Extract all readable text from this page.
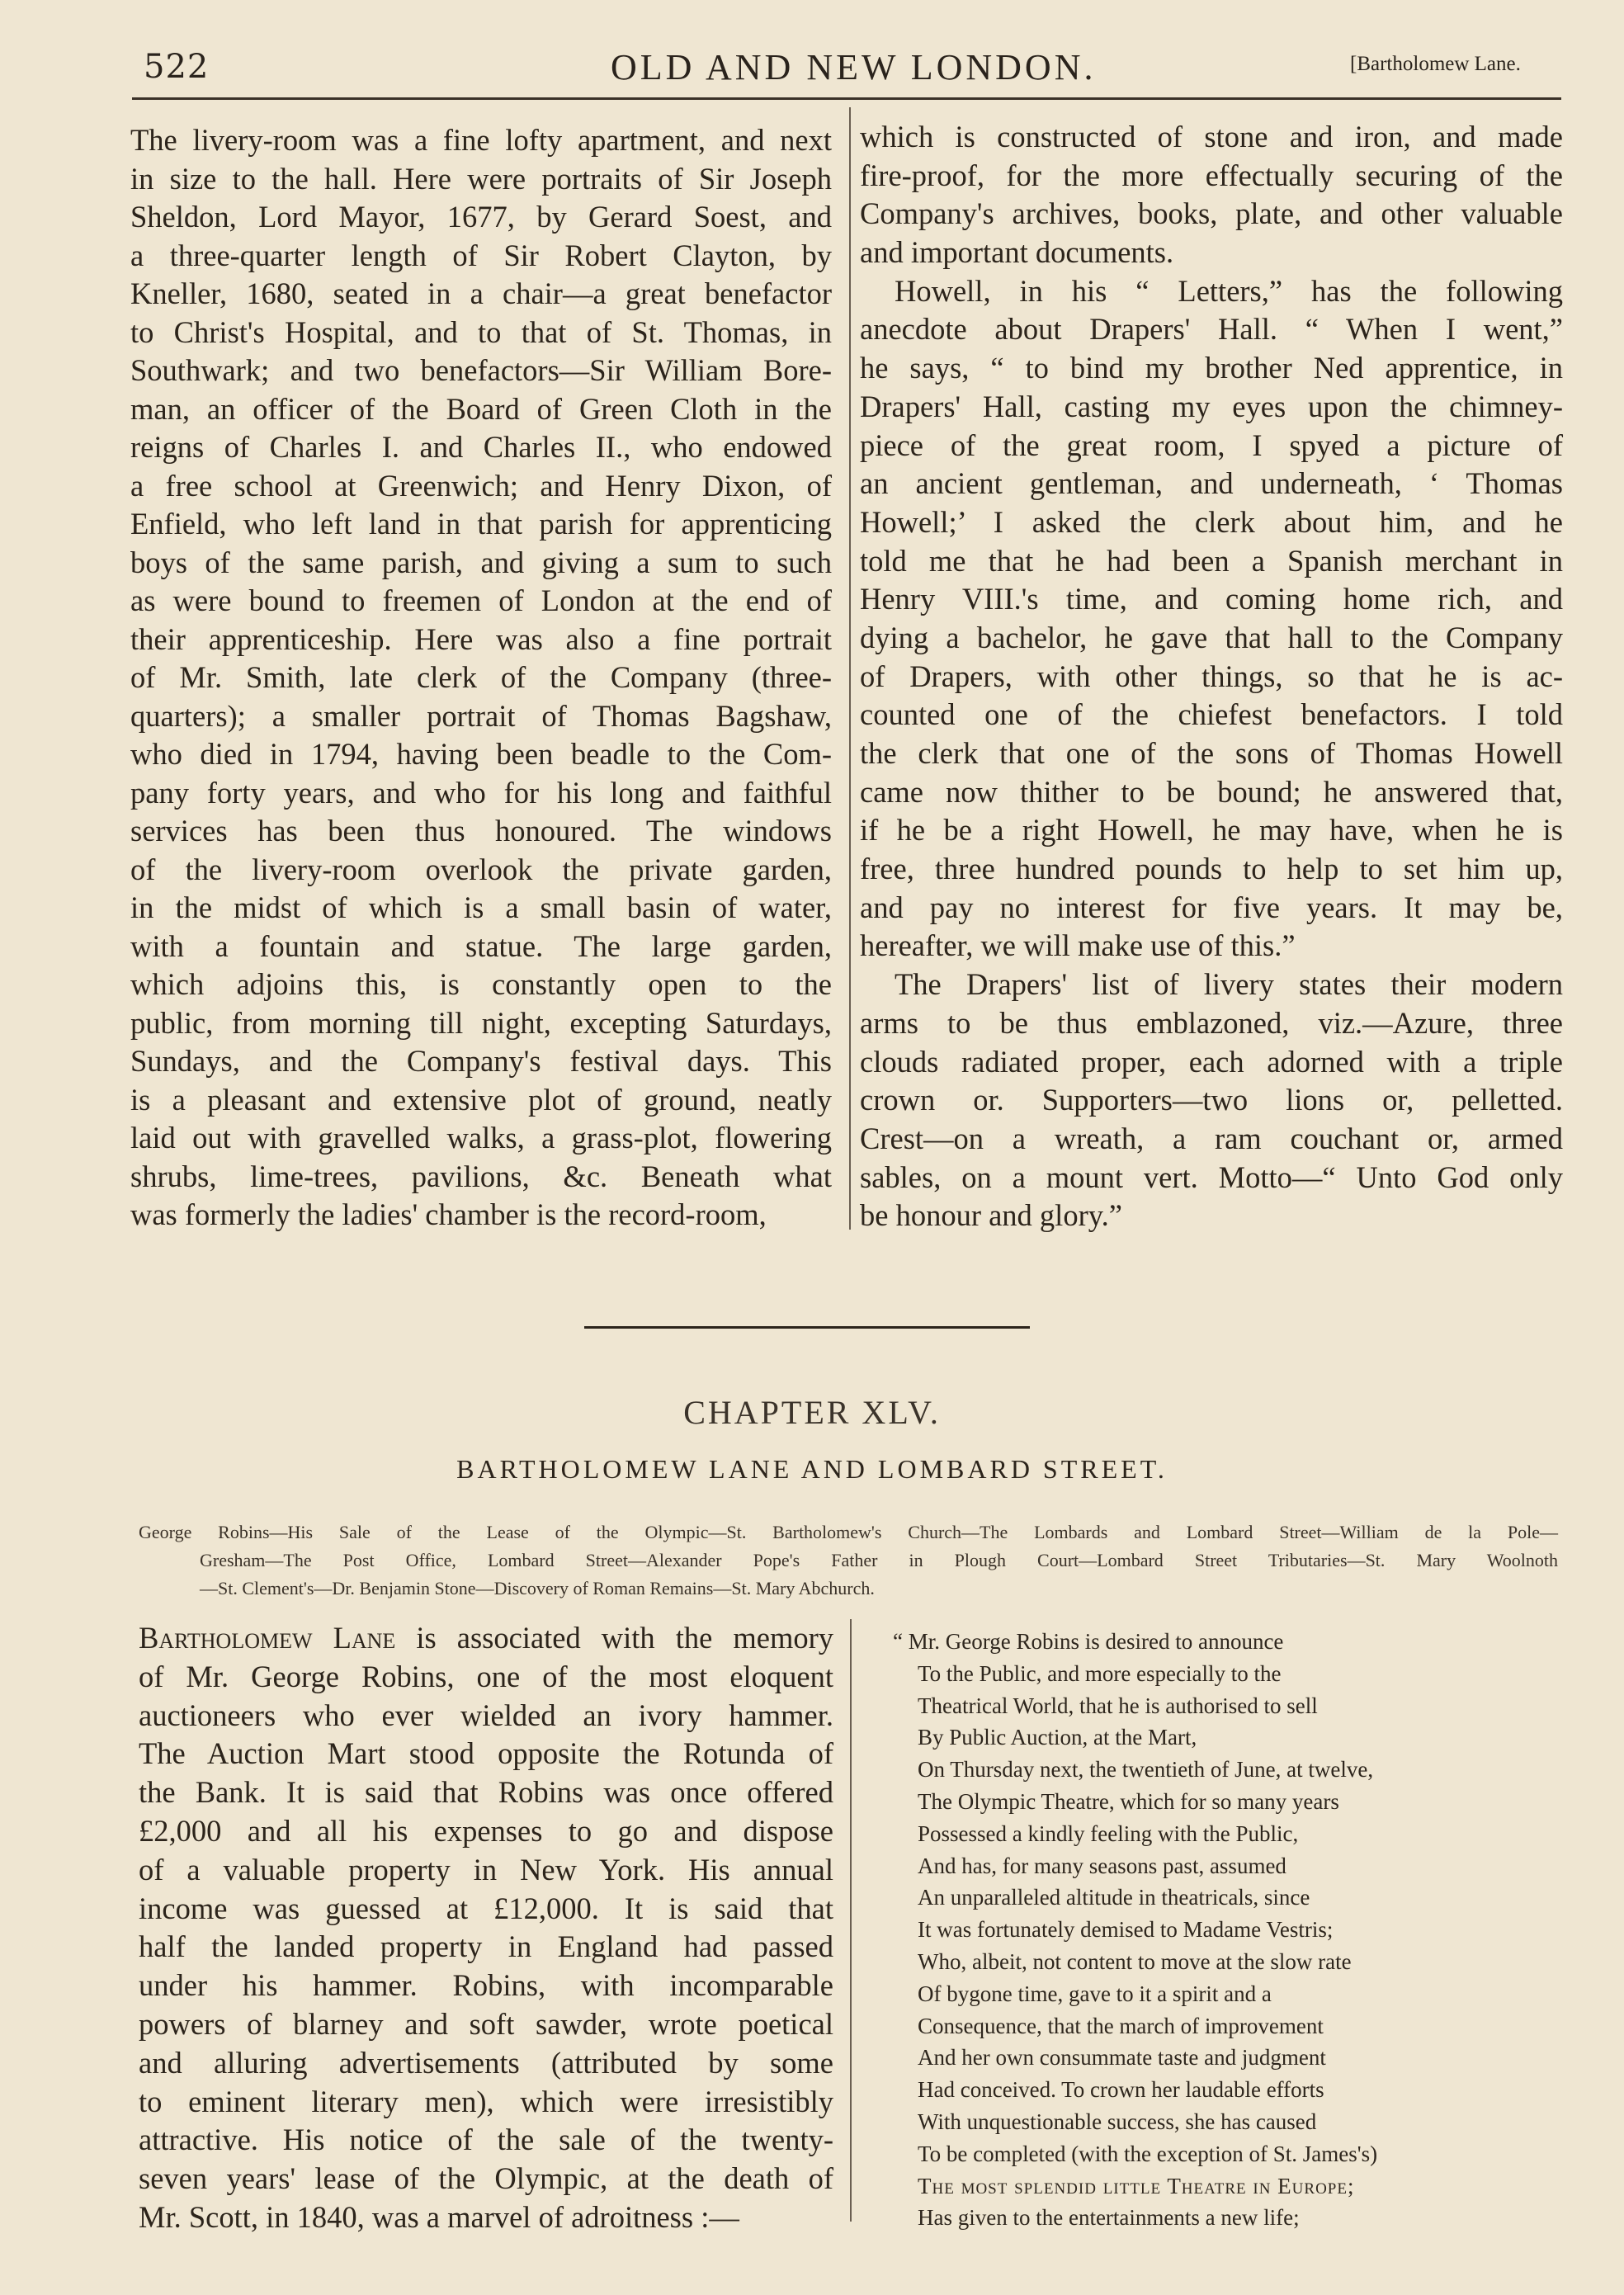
522	OLD AND NEW LONDON.	[Bartholomew Lane.
The livery-room was a fine lofty apartment, and next
in size to the hall. Here were portraits of Sir Joseph
Sheldon, Lord Mayor, 1677, by Gerard Soest, and
a three-quarter length of Sir Robert Clayton, by
Kneller, 1680, seated in a chair—a great benefactor
to Christ's Hospital, and to that of St. Thomas, in
Southwark; and two benefactors—Sir William Bore-
man, an officer of the Board of Green Cloth in the
reigns of Charles I. and Charles II., who endowed
a free school at Greenwich; and Henry Dixon, of
Enfield, who left land in that parish for apprenticing
boys of the same parish, and giving a sum to such
as were bound to freemen of London at the end of
their apprenticeship. Here was also a fine portrait
of Mr. Smith, late clerk of the Company (three-
quarters); a smaller portrait of Thomas Bagshaw,
who died in 1794, having been beadle to the Com-
pany forty years, and who for his long and faithful
services has been thus honoured. The windows
of the livery-room overlook the private garden,
in the midst of which is a small basin of water,
with a fountain and statue. The large garden,
which adjoins this, is constantly open to the
public, from morning till night, excepting Saturdays,
Sundays, and the Company's festival days. This
is a pleasant and extensive plot of ground, neatly
laid out with gravelled walks, a grass-plot, flowering
shrubs, lime-trees, pavilions, &c. Beneath what
was formerly the ladies' chamber is the record-room,
which is constructed of stone and iron, and made
fire-proof, for the more effectually securing of the
Company's archives, books, plate, and other valuable
and important documents.
Howell, in his “ Letters,” has the following
anecdote about Drapers' Hall. “ When I went,”
he says, “ to bind my brother Ned apprentice, in
Drapers' Hall, casting my eyes upon the chimney-
piece of the great room, I spyed a picture of
an ancient gentleman, and underneath, ‘ Thomas
Howell;’ I asked the clerk about him, and he
told me that he had been a Spanish merchant in
Henry VIII.'s time, and coming home rich, and
dying a bachelor, he gave that hall to the Company
of Drapers, with other things, so that he is ac-
counted one of the chiefest benefactors. I told
the clerk that one of the sons of Thomas Howell
came now thither to be bound; he answered that,
if he be a right Howell, he may have, when he is
free, three hundred pounds to help to set him up,
and pay no interest for five years. It may be,
hereafter, we will make use of this.”
The Drapers' list of livery states their modern
arms to be thus emblazoned, viz.—Azure, three
clouds radiated proper, each adorned with a triple
crown or. Supporters—two lions or, pelletted.
Crest—on a wreath, a ram couchant or, armed
sables, on a mount vert. Motto—“ Unto God only
be honour and glory.”
CHAPTER XLV.
BARTHOLOMEW LANE AND LOMBARD STREET.
George Robins—His Sale of the Lease of the Olympic—St. Bartholomew's Church—The Lombards and Lombard Street—William de la Pole—
Gresham—The Post Office, Lombard Street—Alexander Pope's Father in Plough Court—Lombard Street Tributaries—St. Mary Woolnoth
—St. Clement's—Dr. Benjamin Stone—Discovery of Roman Remains—St. Mary Abchurch.
Bartholomew Lane is associated with the memory
of Mr. George Robins, one of the most eloquent
auctioneers who ever wielded an ivory hammer.
The Auction Mart stood opposite the Rotunda of
the Bank. It is said that Robins was once offered
£2,000 and all his expenses to go and dispose
of a valuable property in New York. His annual
income was guessed at £12,000. It is said that
half the landed property in England had passed
under his hammer. Robins, with incomparable
powers of blarney and soft sawder, wrote poetical
and alluring advertisements (attributed by some
to eminent literary men), which were irresistibly
attractive. His notice of the sale of the twenty-
seven years' lease of the Olympic, at the death of
Mr. Scott, in 1840, was a marvel of adroitness :—
“ Mr. George Robins is desired to announce
To the Public, and more especially to the
Theatrical World, that he is authorised to sell
By Public Auction, at the Mart,
On Thursday next, the twentieth of June, at twelve,
The Olympic Theatre, which for so many years
Possessed a kindly feeling with the Public,
And has, for many seasons past, assumed
An unparalleled altitude in theatricals, since
It was fortunately demised to Madame Vestris;
Who, albeit, not content to move at the slow rate
Of bygone time, gave to it a spirit and a
Consequence, that the march of improvement
And her own consummate taste and judgment
Had conceived. To crown her laudable efforts
With unquestionable success, she has caused
To be completed (with the exception of St. James's)
The most splendid little Theatre in Europe;
Has given to the entertainments a new life;
